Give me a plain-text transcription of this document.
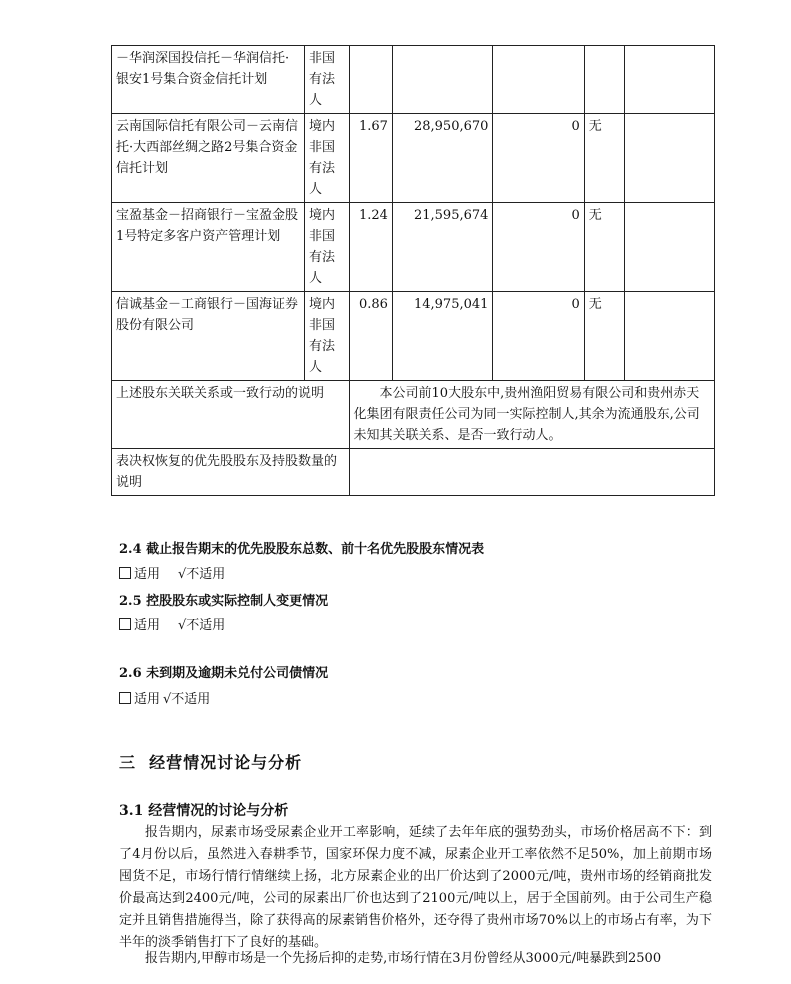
－华润深国投信托－华润信托·银安1号集合资金信托计划	非国有法人					
云南国际信托有限公司－云南信托·大西部丝绸之路2号集合资金信托计划	境内非国有法人	1.67	28,950,670	0	无	
宝盈基金－招商银行－宝盈金股1号特定多客户资产管理计划	境内非国有法人	1.24	21,595,674	0	无	
信诚基金－工商银行－国海证券股份有限公司	境内非国有法人	0.86	14,975,041	0	无	
上述股东关联关系或一致行动的说明		本公司前10大股东中,贵州渔阳贸易有限公司和贵州赤天化集团有限责任公司为同一实际控制人,其余为流通股东,公司未知其关联关系、是否一致行动人。				
表决权恢复的优先股股东及持股数量的说明						
2.4 截止报告期末的优先股股东总数、前十名优先股股东情况表
适用 √不适用
2.5 控股股东或实际控制人变更情况
适用 √不适用
2.6 未到期及逾期未兑付公司债情况
适用 √不适用
三  经营情况讨论与分析
3.1 经营情况的讨论与分析
报告期内，尿素市场受尿素企业开工率影响，延续了去年年底的强势劲头，市场价格居高不下：到了4月份以后，虽然进入春耕季节，国家环保力度不减，尿素企业开工率依然不足50%，加上前期市场囤货不足，市场行情行情继续上扬，北方尿素企业的出厂价达到了2000元/吨，贵州市场的经销商批发价最高达到2400元/吨，公司的尿素出厂价也达到了2100元/吨以上，居于全国前列。由于公司生产稳定并且销售措施得当，除了获得高的尿素销售价格外，还夺得了贵州市场70%以上的市场占有率，为下半年的淡季销售打下了良好的基础。
报告期内,甲醇市场是一个先扬后抑的走势,市场行情在3月份曾经从3000元/吨暴跌到2500
